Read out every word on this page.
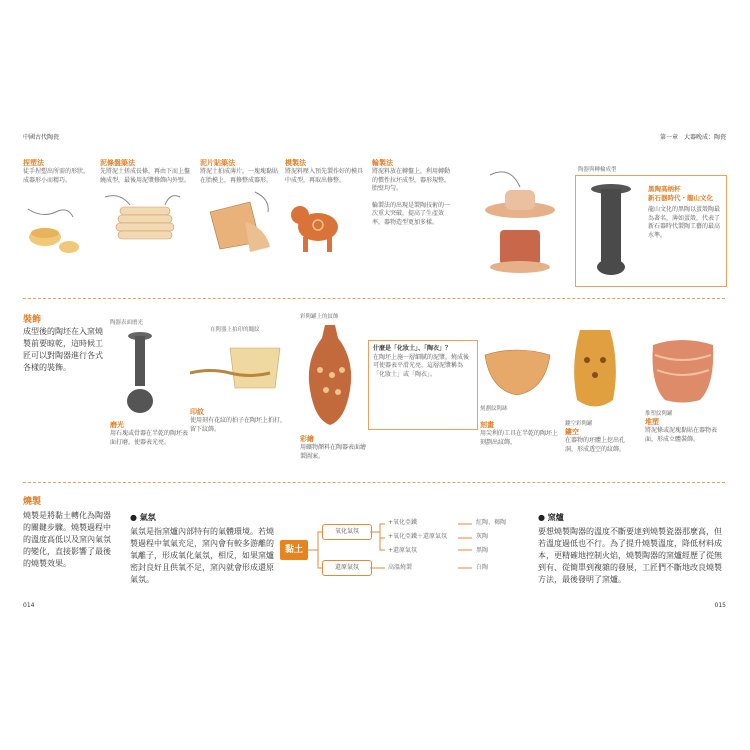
中國古代陶瓷	第一章　大器晚成：陶瓷
捏塑法
徒手捏塑出所需的形狀，成器形小而精巧。
泥條盤築法
先將泥土搓成長條，再由下而上盤繞成型，最後用泥漿修飾內外壁。
泥片貼築法
將泥土拍成薄片，一塊塊黏貼在胎模上，再修整成器形。
模製法
將泥料壓入預先製作好的模具中成型，再取出修整。
輪製法
將泥料放在轉盤上，利用轉動的慣性拉坯成型，器形規整，胎壁均勻。
輪製法的出現是製陶技術的一次重大突破，提高了生產效率，器物造型更加多樣。
陶器與轉輪成型
黑陶高柄杯
新石器時代・龍山文化
龍山文化的黑陶以蛋殼陶最為著名，薄如蛋殼，代表了新石器時代製陶工藝的最高水準。
裝飾
成型後的陶坯在入窯燒製前要晾乾，這時候工匠可以對陶器進行各式各樣的裝飾。
陶器表面磨光
磨光
用石塊或骨器在半乾的陶坯表面打磨，使器表光亮。
在陶器上拍印的繩紋
印紋
使用刻有花紋的拍子在陶坯上拍打，留下紋飾。
彩陶罐上的紋飾
彩繪
用礦物顏料在陶器表面繪製圖案。
什麼是「化妝土」、「陶衣」？
在陶坯上施一層細膩的泥漿，燒成後可使器表平滑光亮，這層泥漿稱為「化妝土」或「陶衣」。
刻劃紋陶缽
刻畫
用尖利的工具在半乾的陶坯上刻劃出紋飾。
鏤空彩陶罐
鏤空
在器物的坯體上挖出孔洞，形成透空的紋飾。
堆塑紋陶罐
堆塑
將泥條或泥塊黏貼在器物表面，形成立體裝飾。
燒製
燒製是將黏土轉化為陶器的關鍵步驟。燒製過程中的溫度高低以及窯內氣氛的變化，直接影響了最後的燒製效果。
● 氣氛
氣氛是指窯爐內部特有的氣體環境。若燒製過程中氧氣充足，窯內會有較多游離的氧離子，形成氧化氣氛，相反，如果窯爐密封良好且供氧不足，窯內就會形成還原氣氛。
黏土
氧化氣氛
還原氣氛
+氧化亞鐵
+氧化亞鐵＋還原氣氛
+還原氣氛
高溫燒製
紅陶、褐陶
灰陶
黑陶
白陶
● 窯爐
要想燒製陶器的溫度不斷要達到燒製瓷器那麼高，但若溫度過低也不行。為了提升燒製溫度，降低材料成本，更精確地控制火焰，燒製陶器的窯爐經歷了從無到有、從簡單到複雜的發展，工匠們不斷地改良燒製方法，最後發明了窯爐。
014	015
